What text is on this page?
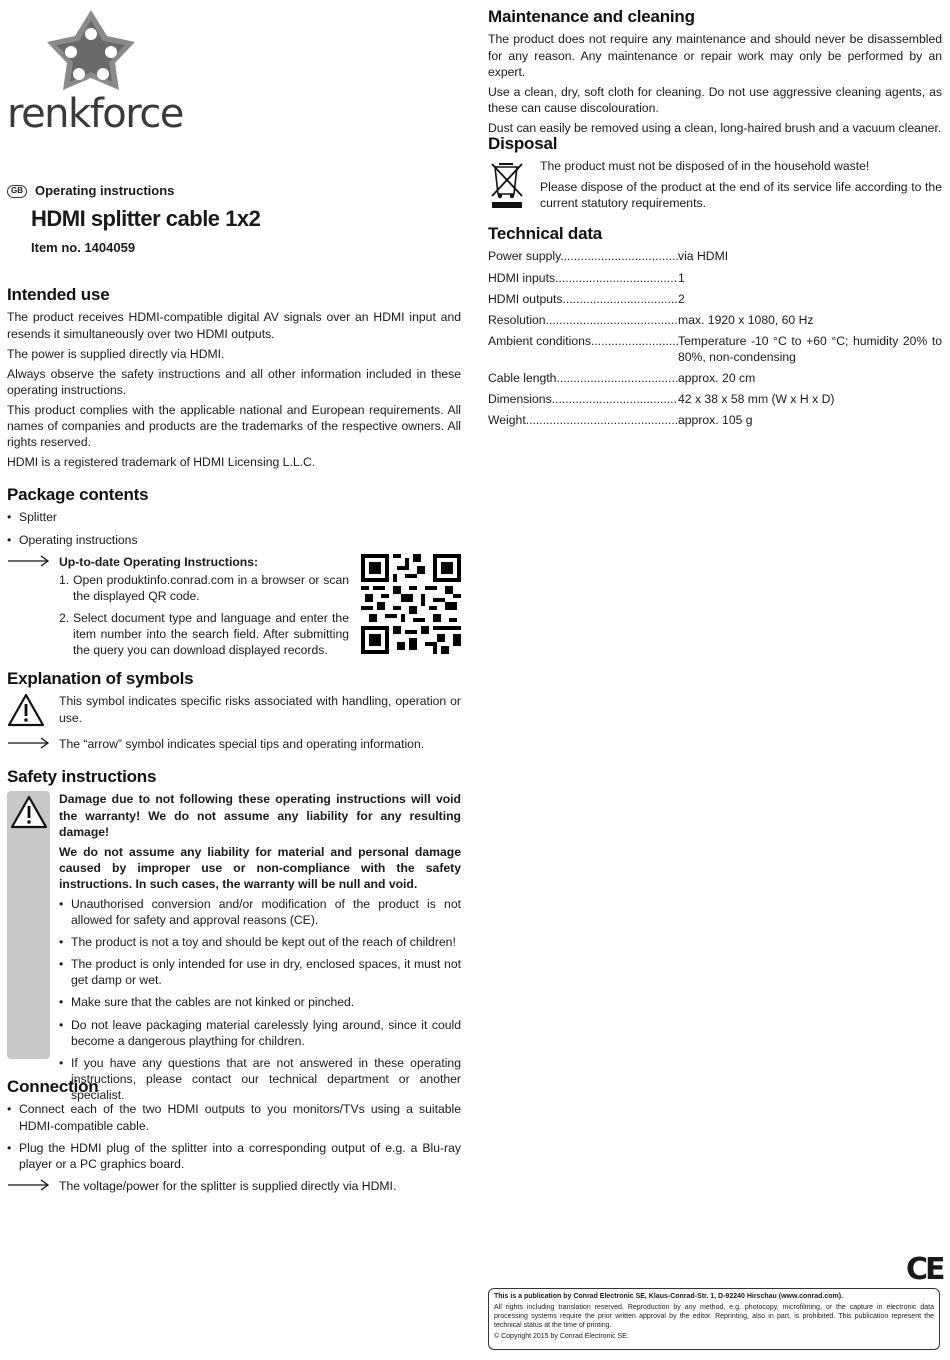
renkforce
GB Operating instructions
HDMI splitter cable 1x2
Item no. 1404059
Intended use

The product receives HDMI-compatible digital AV signals over an HDMI input and resends it simultaneously over two HDMI outputs.

The power is supplied directly via HDMI.

Always observe the safety instructions and all other information included in these operating instructions.

This product complies with the applicable national and European requirements. All names of companies and products are the trademarks of the respective owners. All rights reserved.

HDMI is a registered trademark of HDMI Licensing L.L.C.

Package contents
• Splitter
• Operating instructions
Up-to-date Operating Instructions:
1. Open produktinfo.conrad.com in a browser or scan the displayed QR code.
2. Select document type and language and enter the item number into the search field. After submitting the query you can download displayed records.
Explanation of symbols

This symbol indicates specific risks associated with handling, operation or use.

The “arrow” symbol indicates special tips and operating information.

Safety instructions

Damage due to not following these operating instructions will void the warranty! We do not assume any liability for any resulting damage!

We do not assume any liability for material and personal damage caused by improper use or non-compliance with the safety instructions. In such cases, the warranty will be null and void.

• Unauthorised conversion and/or modification of the product is not allowed for safety and approval reasons (CE).
• The product is not a toy and should be kept out of the reach of children!
• The product is only intended for use in dry, enclosed spaces, it must not get damp or wet.
• Make sure that the cables are not kinked or pinched.
• Do not leave packaging material carelessly lying around, since it could become a dangerous plaything for children.
• If you have any questions that are not answered in these operating instructions, please contact our technical department or another specialist.
Connection
• Connect each of the two HDMI outputs to you monitors/TVs using a suitable HDMI-compatible cable.
• Plug the HDMI plug of the splitter into a corresponding output of e.g. a Blu-ray player or a PC graphics board.

The voltage/power for the splitter is supplied directly via HDMI.

Maintenance and cleaning

The product does not require any maintenance and should never be disassembled for any reason. Any maintenance or repair work may only be performed by an expert.

Use a clean, dry, soft cloth for cleaning. Do not use aggressive cleaning agents, as these can cause discolouration.

Dust can easily be removed using a clean, long-haired brush and a vacuum cleaner.

Disposal

The product must not be disposed of in the household waste!

Please dispose of the product at the end of its service life according to the current statutory requirements.

Technical data
Power supply .....	via HDMI
HDMI inputs .....	1
HDMI outputs .....	2
Resolution .....	max. 1920 x 1080, 60 Hz
Ambient conditions .....	Temperature -10 °C to +60 °C; humidity 20% to 80%, non-condensing
Cable length .....	approx. 20 cm
Dimensions .....	42 x 38 x 58 mm (W x H x D)
Weight .....	approx. 105 g
CE

This is a publication by Conrad Electronic SE, Klaus-Conrad-Str. 1, D-92240 Hirschau (www.conrad.com).

All rights including translation reserved. Reproduction by any method, e.g. photocopy, microfilming, or the capture in electronic data processing systems require the prior written approval by the editor. Reprinting, also in part, is prohibited. This publication represent the technical status at the time of printing.

© Copyright 2015 by Conrad Electronic SE.
